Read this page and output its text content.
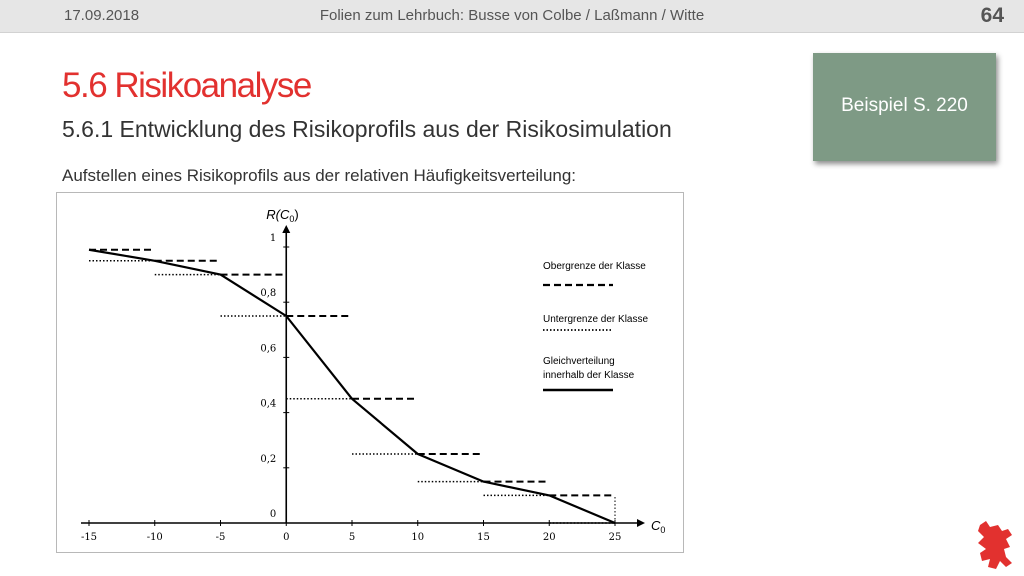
17.09.2018	Folien zum Lehrbuch: Busse von Colbe / Laßmann / Witte	64
5.6 Risikoanalyse
5.6.1 Entwicklung des Risikoprofils aus der Risikosimulation
Aufstellen eines Risikoprofils aus der relativen Häufigkeitsverteilung:
Beispiel S. 220
-15	-10	-5	0	5	10	15	20	25
0
0,2
0,4
0,6
0,8
1
$R(C_0)$
$C_0$
Obergrenze der Klasse
Untergrenze der Klasse
Gleichverteilung
innerhalb der Klasse
